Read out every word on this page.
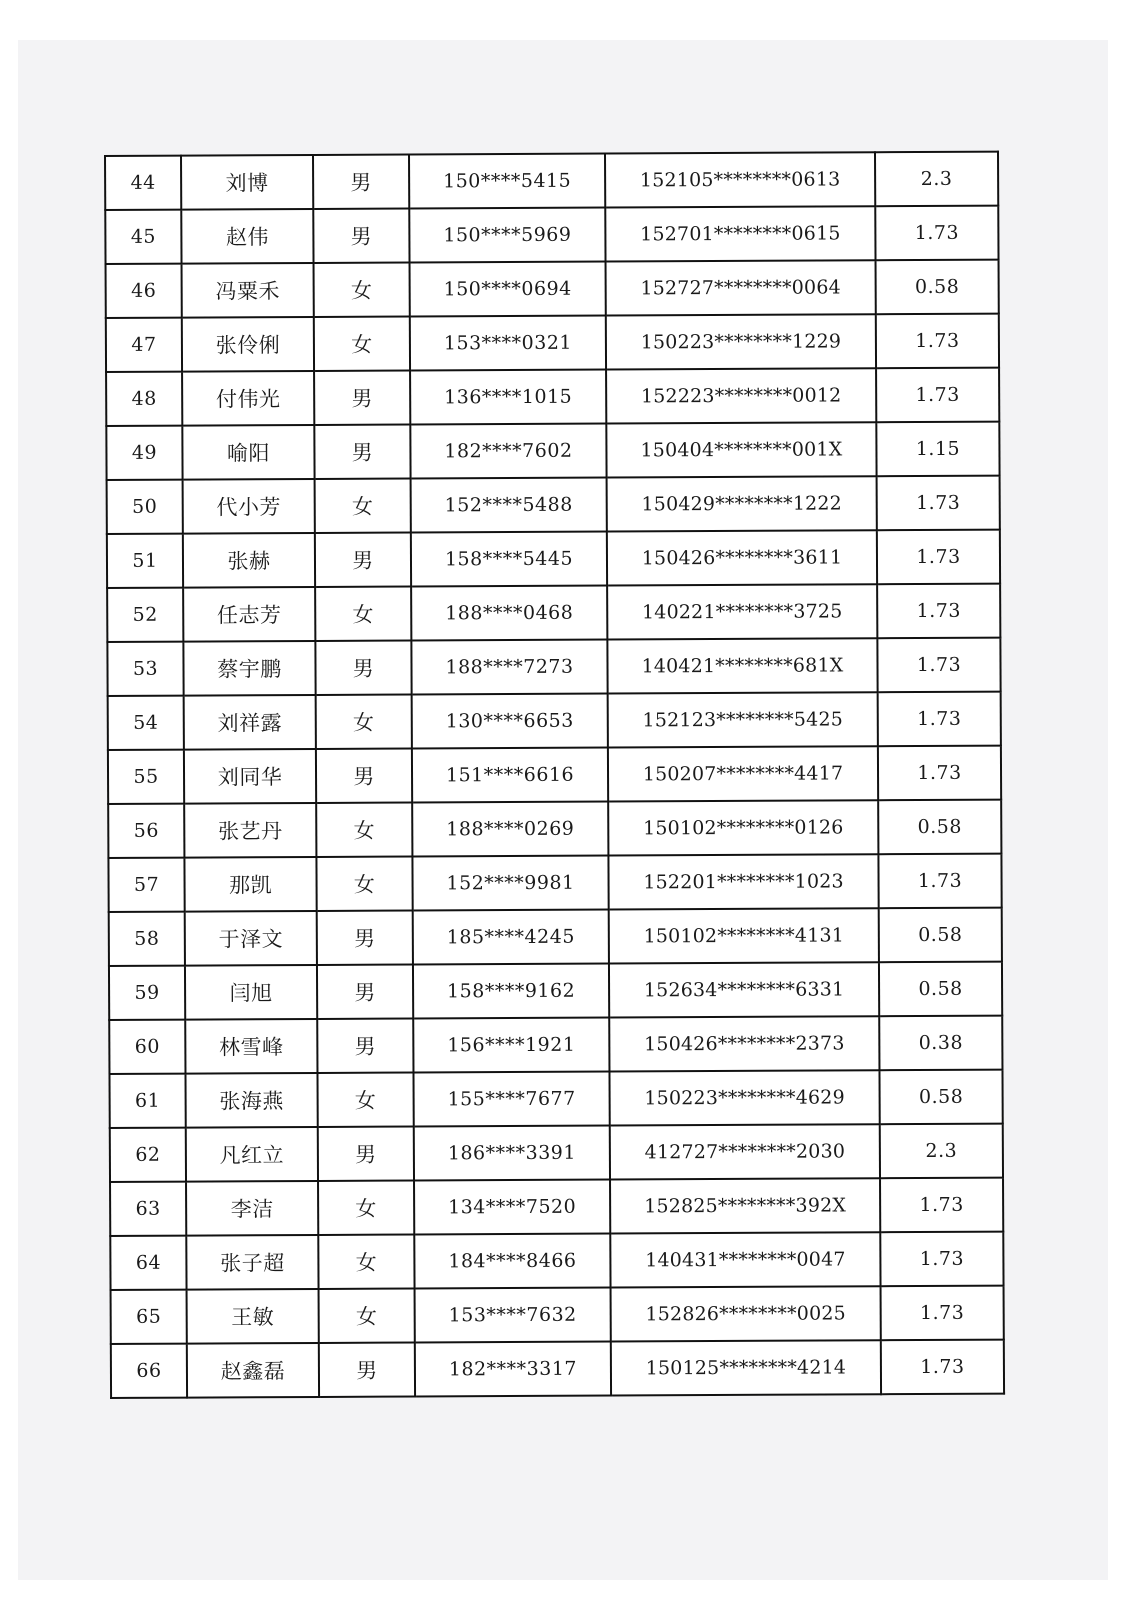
44	刘博	男	150****5415	152105********0613	2.3
45	赵伟	男	150****5969	152701********0615	1.73
46	冯粟禾	女	150****0694	152727********0064	0.58
47	张伶俐	女	153****0321	150223********1229	1.73
48	付伟光	男	136****1015	152223********0012	1.73
49	喻阳	男	182****7602	150404********001X	1.15
50	代小芳	女	152****5488	150429********1222	1.73
51	张赫	男	158****5445	150426********3611	1.73
52	任志芳	女	188****0468	140221********3725	1.73
53	蔡宇鹏	男	188****7273	140421********681X	1.73
54	刘祥露	女	130****6653	152123********5425	1.73
55	刘同华	男	151****6616	150207********4417	1.73
56	张艺丹	女	188****0269	150102********0126	0.58
57	那凯	女	152****9981	152201********1023	1.73
58	于泽文	男	185****4245	150102********4131	0.58
59	闫旭	男	158****9162	152634********6331	0.58
60	林雪峰	男	156****1921	150426********2373	0.38
61	张海燕	女	155****7677	150223********4629	0.58
62	凡红立	男	186****3391	412727********2030	2.3
63	李洁	女	134****7520	152825********392X	1.73
64	张子超	女	184****8466	140431********0047	1.73
65	王敏	女	153****7632	152826********0025	1.73
66	赵鑫磊	男	182****3317	150125********4214	1.73
